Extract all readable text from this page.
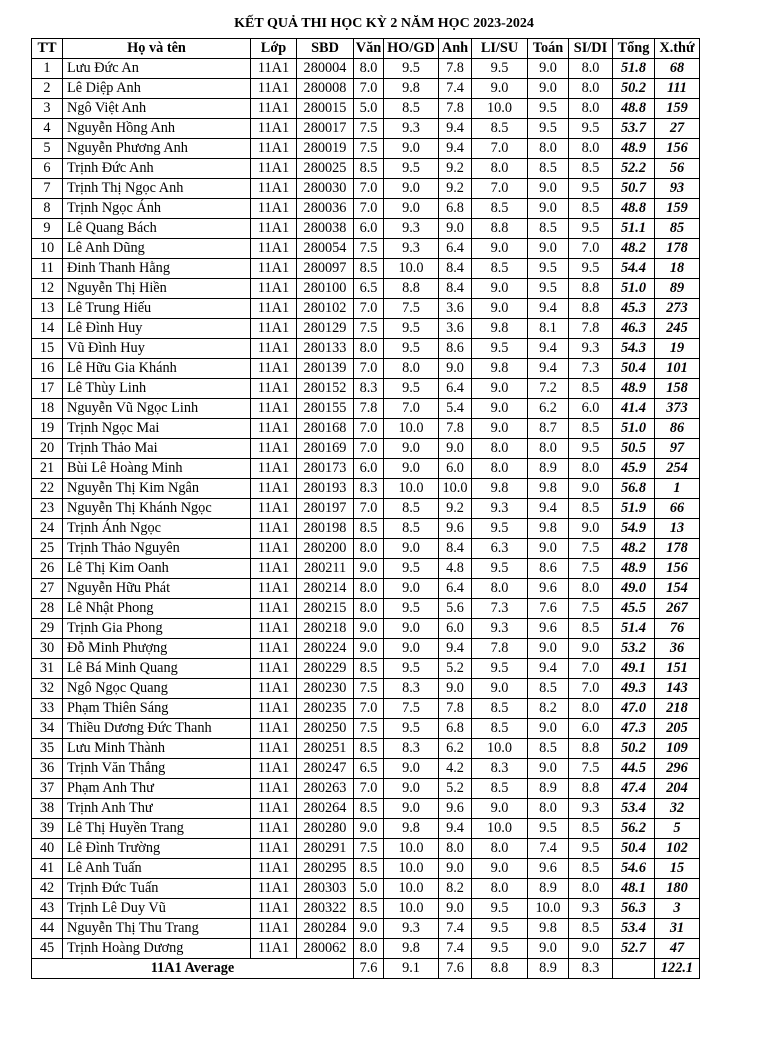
KẾT QUẢ THI HỌC KỲ 2 NĂM HỌC 2023-2024
TT	Họ và tên	Lớp	SBD	Văn	HO/GD	Anh	LI/SU	Toán	SI/DI	Tổng	X.thứ
1	Lưu Đức An	11A1	280004	8.0	9.5	7.8	9.5	9.0	8.0	51.8	68
2	Lê Diệp Anh	11A1	280008	7.0	9.8	7.4	9.0	9.0	8.0	50.2	111
3	Ngô Việt Anh	11A1	280015	5.0	8.5	7.8	10.0	9.5	8.0	48.8	159
4	Nguyễn Hồng Anh	11A1	280017	7.5	9.3	9.4	8.5	9.5	9.5	53.7	27
5	Nguyễn Phương Anh	11A1	280019	7.5	9.0	9.4	7.0	8.0	8.0	48.9	156
6	Trịnh Đức Anh	11A1	280025	8.5	9.5	9.2	8.0	8.5	8.5	52.2	56
7	Trịnh Thị Ngọc Anh	11A1	280030	7.0	9.0	9.2	7.0	9.0	9.5	50.7	93
8	Trịnh Ngọc Ánh	11A1	280036	7.0	9.0	6.8	8.5	9.0	8.5	48.8	159
9	Lê Quang Bách	11A1	280038	6.0	9.3	9.0	8.8	8.5	9.5	51.1	85
10	Lê Anh Dũng	11A1	280054	7.5	9.3	6.4	9.0	9.0	7.0	48.2	178
11	Đinh Thanh Hằng	11A1	280097	8.5	10.0	8.4	8.5	9.5	9.5	54.4	18
12	Nguyễn Thị Hiền	11A1	280100	6.5	8.8	8.4	9.0	9.5	8.8	51.0	89
13	Lê Trung Hiếu	11A1	280102	7.0	7.5	3.6	9.0	9.4	8.8	45.3	273
14	Lê Đình Huy	11A1	280129	7.5	9.5	3.6	9.8	8.1	7.8	46.3	245
15	Vũ Đình Huy	11A1	280133	8.0	9.5	8.6	9.5	9.4	9.3	54.3	19
16	Lê Hữu Gia Khánh	11A1	280139	7.0	8.0	9.0	9.8	9.4	7.3	50.4	101
17	Lê Thùy Linh	11A1	280152	8.3	9.5	6.4	9.0	7.2	8.5	48.9	158
18	Nguyễn Vũ Ngọc Linh	11A1	280155	7.8	7.0	5.4	9.0	6.2	6.0	41.4	373
19	Trịnh Ngọc Mai	11A1	280168	7.0	10.0	7.8	9.0	8.7	8.5	51.0	86
20	Trịnh Thảo Mai	11A1	280169	7.0	9.0	9.0	8.0	8.0	9.5	50.5	97
21	Bùi Lê Hoàng Minh	11A1	280173	6.0	9.0	6.0	8.0	8.9	8.0	45.9	254
22	Nguyễn Thị Kim Ngân	11A1	280193	8.3	10.0	10.0	9.8	9.8	9.0	56.8	1
23	Nguyễn Thị Khánh Ngọc	11A1	280197	7.0	8.5	9.2	9.3	9.4	8.5	51.9	66
24	Trịnh Ánh Ngọc	11A1	280198	8.5	8.5	9.6	9.5	9.8	9.0	54.9	13
25	Trịnh Thảo Nguyên	11A1	280200	8.0	9.0	8.4	6.3	9.0	7.5	48.2	178
26	Lê Thị Kim Oanh	11A1	280211	9.0	9.5	4.8	9.5	8.6	7.5	48.9	156
27	Nguyễn Hữu Phát	11A1	280214	8.0	9.0	6.4	8.0	9.6	8.0	49.0	154
28	Lê Nhật Phong	11A1	280215	8.0	9.5	5.6	7.3	7.6	7.5	45.5	267
29	Trịnh Gia Phong	11A1	280218	9.0	9.0	6.0	9.3	9.6	8.5	51.4	76
30	Đỗ Minh Phượng	11A1	280224	9.0	9.0	9.4	7.8	9.0	9.0	53.2	36
31	Lê Bá Minh Quang	11A1	280229	8.5	9.5	5.2	9.5	9.4	7.0	49.1	151
32	Ngô Ngọc Quang	11A1	280230	7.5	8.3	9.0	9.0	8.5	7.0	49.3	143
33	Phạm Thiên Sáng	11A1	280235	7.0	7.5	7.8	8.5	8.2	8.0	47.0	218
34	Thiều Dương Đức Thanh	11A1	280250	7.5	9.5	6.8	8.5	9.0	6.0	47.3	205
35	Lưu Minh Thành	11A1	280251	8.5	8.3	6.2	10.0	8.5	8.8	50.2	109
36	Trịnh Văn Thắng	11A1	280247	6.5	9.0	4.2	8.3	9.0	7.5	44.5	296
37	Phạm Anh Thư	11A1	280263	7.0	9.0	5.2	8.5	8.9	8.8	47.4	204
38	Trịnh Anh Thư	11A1	280264	8.5	9.0	9.6	9.0	8.0	9.3	53.4	32
39	Lê Thị Huyền Trang	11A1	280280	9.0	9.8	9.4	10.0	9.5	8.5	56.2	5
40	Lê Đình Trường	11A1	280291	7.5	10.0	8.0	8.0	7.4	9.5	50.4	102
41	Lê Anh Tuấn	11A1	280295	8.5	10.0	9.0	9.0	9.6	8.5	54.6	15
42	Trịnh Đức Tuấn	11A1	280303	5.0	10.0	8.2	8.0	8.9	8.0	48.1	180
43	Trịnh Lê Duy Vũ	11A1	280322	8.5	10.0	9.0	9.5	10.0	9.3	56.3	3
44	Nguyễn Thị Thu Trang	11A1	280284	9.0	9.3	7.4	9.5	9.8	8.5	53.4	31
45	Trịnh Hoàng Dương	11A1	280062	8.0	9.8	7.4	9.5	9.0	9.0	52.7	47
11A1 Average				7.6	9.1	7.6	8.8	8.9	8.3		122.1
